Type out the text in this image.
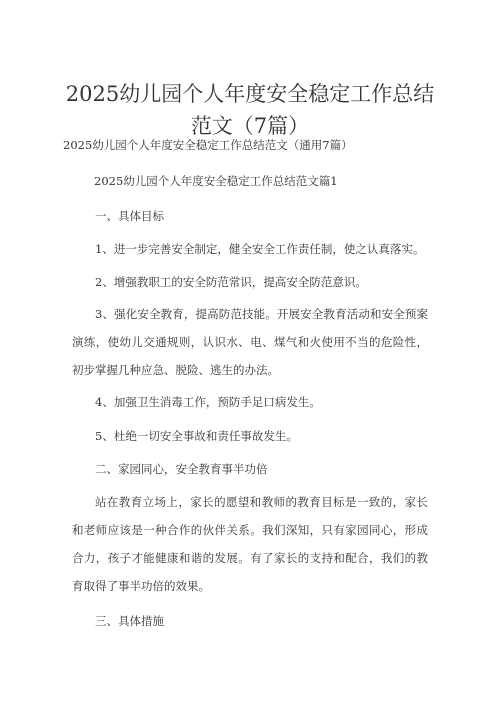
2025幼儿园个人年度安全稳定工作总结范文（7篇）
2025幼儿园个人年度安全稳定工作总结范文（通用7篇）
2025幼儿园个人年度安全稳定工作总结范文篇1
一、具体目标
1、进一步完善安全制定，健全安全工作责任制，使之认真落实。
2、增强教职工的安全防范常识，提高安全防范意识。
3、强化安全教育，提高防范技能。开展安全教育活动和安全预案演练，使幼儿交通规则，认识水、电、煤气和火使用不当的危险性，初步掌握几种应急、脱险、逃生的办法。
4、加强卫生消毒工作，预防手足口病发生。
5、杜绝一切安全事故和责任事故发生。
二、家园同心，安全教育事半功倍
站在教育立场上，家长的愿望和教师的教育目标是一致的，家长和老师应该是一种合作的伙伴关系。我们深知，只有家园同心，形成合力，孩子才能健康和谐的发展。有了家长的支持和配合，我们的教育取得了事半功倍的效果。
三、具体措施
